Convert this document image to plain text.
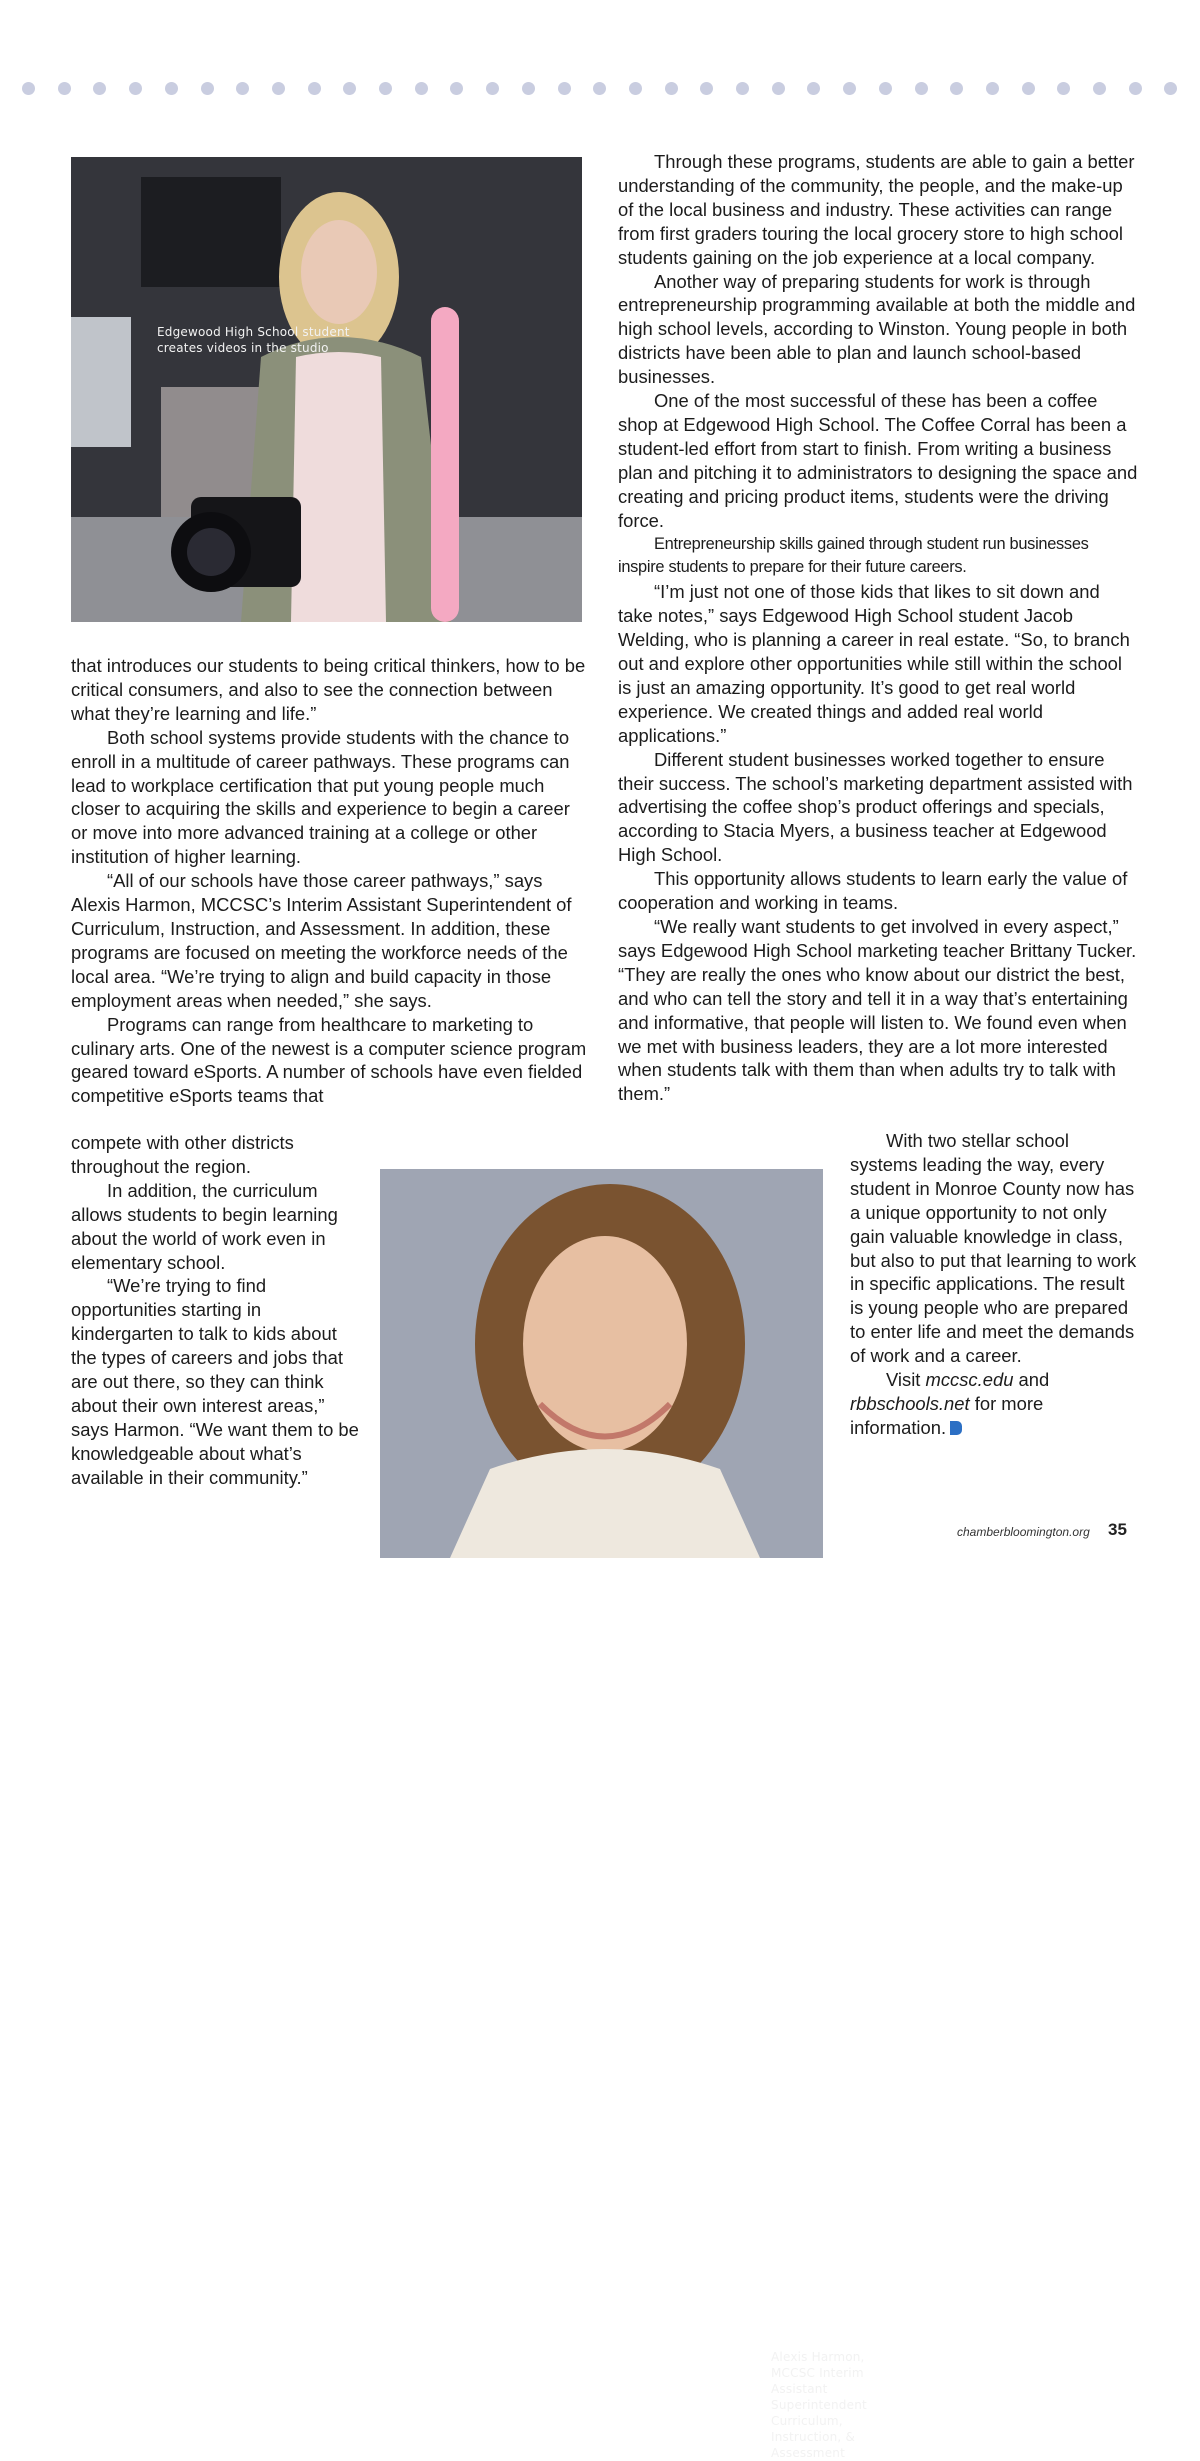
Edgewood High School student
creates videos in the studio
Alexis Harmon, MCCSC Interim
Assistant Superintendent
Curriculum, Instruction, &
Assessment

that introduces our students to being critical thinkers, how to be critical consumers, and also to see the connection between what they’re learning and life.”

Both school systems provide students with the chance to enroll in a multitude of career pathways. These programs can lead to workplace certification that put young people much closer to acquiring the skills and experience to begin a career or move into more advanced training at a college or other institution of higher learning.

“All of our schools have those career pathways,” says Alexis Harmon, MCCSC’s Interim Assistant Superintendent of Curriculum, Instruction, and Assessment. In addition, these programs are focused on meeting the workforce needs of the local area. “We’re trying to align and build capacity in those employment areas when needed,” she says.

Programs can range from healthcare to marketing to culinary arts. One of the newest is a computer science program geared toward eSports. A number of schools have even fielded competitive eSports teams that

compete with other districts throughout the region.

In addition, the curriculum allows students to begin learning about the world of work even in elementary school.

“We’re trying to find opportunities starting in kindergarten to talk to kids about the types of careers and jobs that are out there, so they can think about their own interest areas,” says Harmon. “We want them to be knowledgeable about what’s available in their community.”

Through these programs, students are able to gain a better understanding of the community, the people, and the make-up of the local business and industry. These activities can range from first graders touring the local grocery store to high school students gaining on the job experience at a local company.

Another way of preparing students for work is through entrepreneurship programming available at both the middle and high school levels, according to Winston. Young people in both districts have been able to plan and launch school-based businesses.

One of the most successful of these has been a coffee shop at Edgewood High School. The Coffee Corral has been a student-led effort from start to finish. From writing a business plan and pitching it to administrators to designing the space and creating and pricing product items, students were the driving force.

Entrepreneurship skills gained through student run businesses inspire students to prepare for their future careers.

“I’m just not one of those kids that likes to sit down and take notes,” says Edgewood High School student Jacob Welding, who is planning a career in real estate. “So, to branch out and explore other opportunities while still within the school is just an amazing opportunity. It’s good to get real world experience. We created things and added real world applications.”

Different student businesses worked together to ensure their success. The school’s marketing department assisted with advertising the coffee shop’s product offerings and specials, according to Stacia Myers, a business teacher at Edgewood High School.

This opportunity allows students to learn early the value of cooperation and working in teams.

“We really want students to get involved in every aspect,” says Edgewood High School marketing teacher Brittany Tucker. “They are really the ones who know about our district the best, and who can tell the story and tell it in a way that’s entertaining and informative, that people will listen to. We found even when we met with business leaders, they are a lot more interested when students talk with them than when adults try to talk with them.”

With two stellar school systems leading the way, every student in Monroe County now has a unique opportunity to not only gain valuable knowledge in class, but also to put that learning to work in specific applications. The result is young people who are prepared to enter life and meet the demands of work and a career.

Visit mccsc.edu and rbbschools.net for more information.

chamberbloomington.org 35
